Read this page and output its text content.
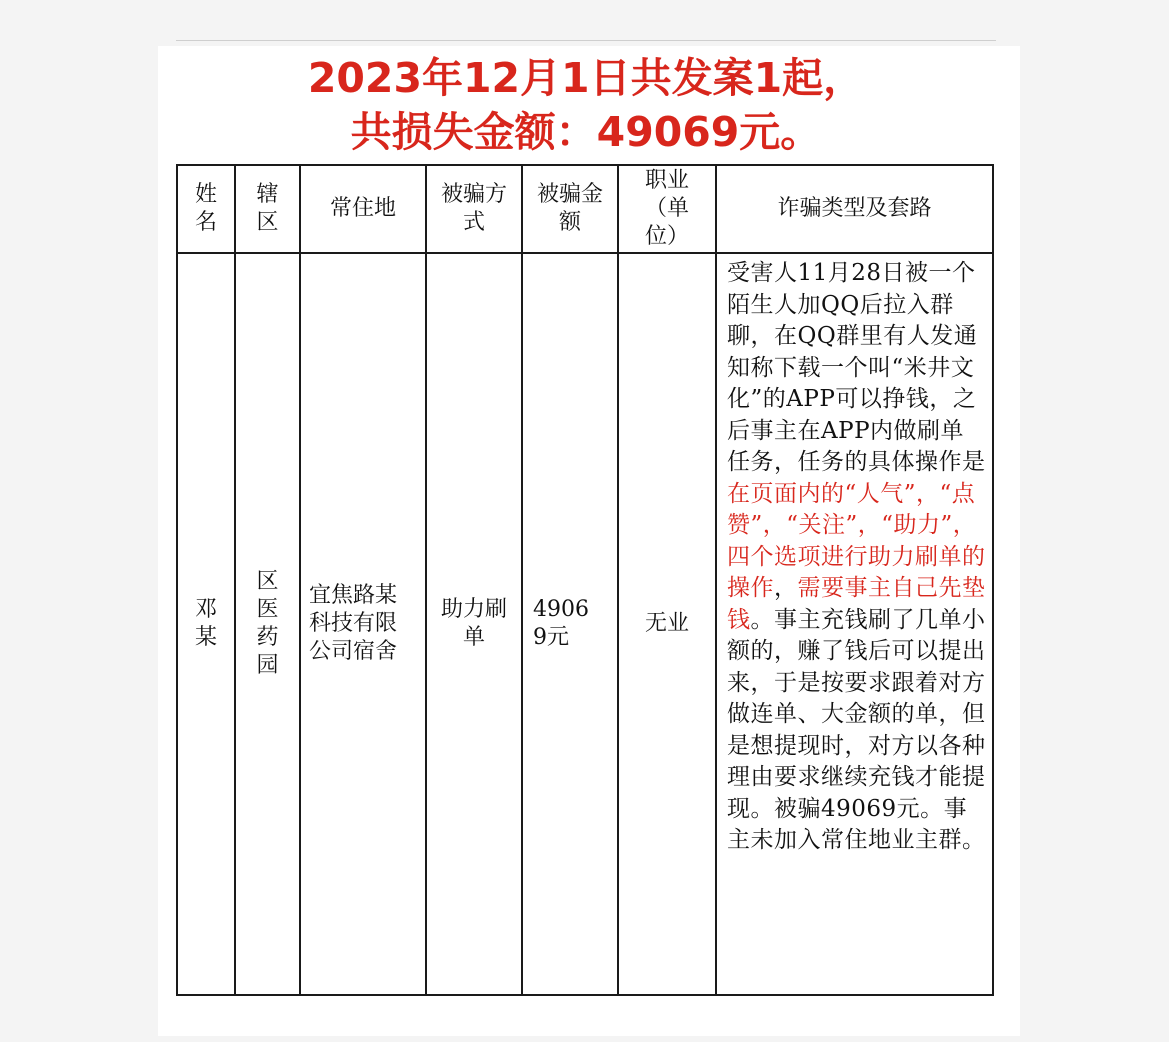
2023年12月1日共发案1起，
共损失金额：49069元。
姓名	辖区	常住地	被骗方式	被骗金额	职业（单位）	诈骗类型及套路
邓某	区医药园	宜焦路某科技有限公司宿舍	助力刷单	49069元	无业	受害人11月28日被一个陌生人加QQ后拉入群聊，在QQ群里有人发通知称下载一个叫“米井文化”的APP可以挣钱，之后事主在APP内做刷单任务，任务的具体操作是在页面内的“人气”，“点赞”，“关注”，“助力”，四个选项进行助力刷单的操作，需要事主自己先垫钱。事主充钱刷了几单小额的，赚了钱后可以提出来，于是按要求跟着对方做连单、大金额的单，但是想提现时，对方以各种理由要求继续充钱才能提现。被骗49069元。事主未加入常住地业主群。
